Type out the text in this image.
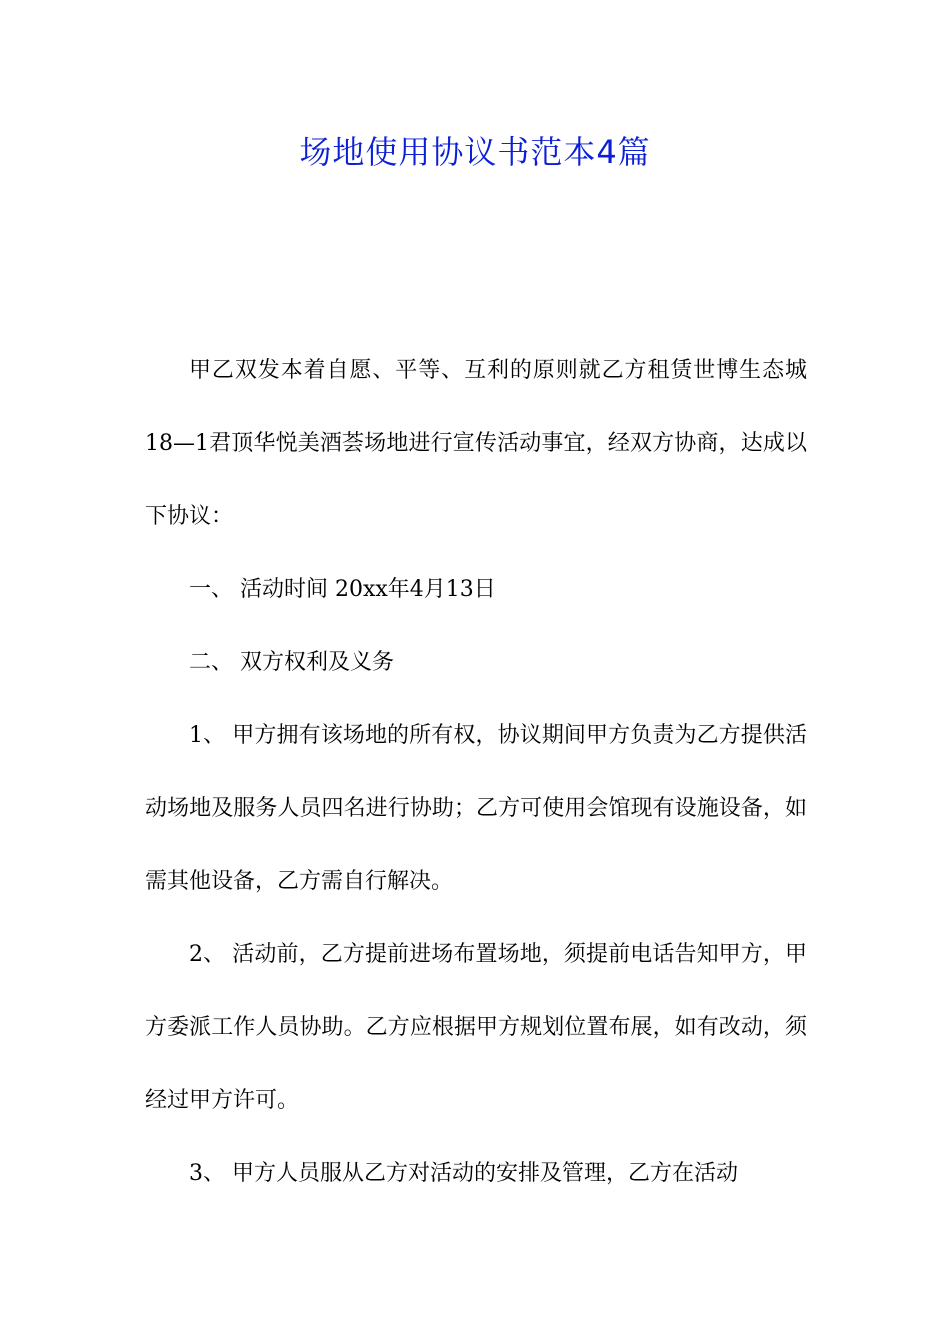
场地使用协议书范本4篇

甲乙双发本着自愿、平等、互利的原则就乙方租赁世博生态城18—1君顶华悦美酒荟场地进行宣传活动事宜，经双方协商，达成以下协议：

一、 活动时间 20xx年4月13日

二、 双方权利及义务

1、 甲方拥有该场地的所有权，协议期间甲方负责为乙方提供活动场地及服务人员四名进行协助；乙方可使用会馆现有设施设备，如需其他设备，乙方需自行解决。

2、 活动前，乙方提前进场布置场地，须提前电话告知甲方，甲方委派工作人员协助。乙方应根据甲方规划位置布展，如有改动，须经过甲方许可。

3、 甲方人员服从乙方对活动的安排及管理，乙方在活动
